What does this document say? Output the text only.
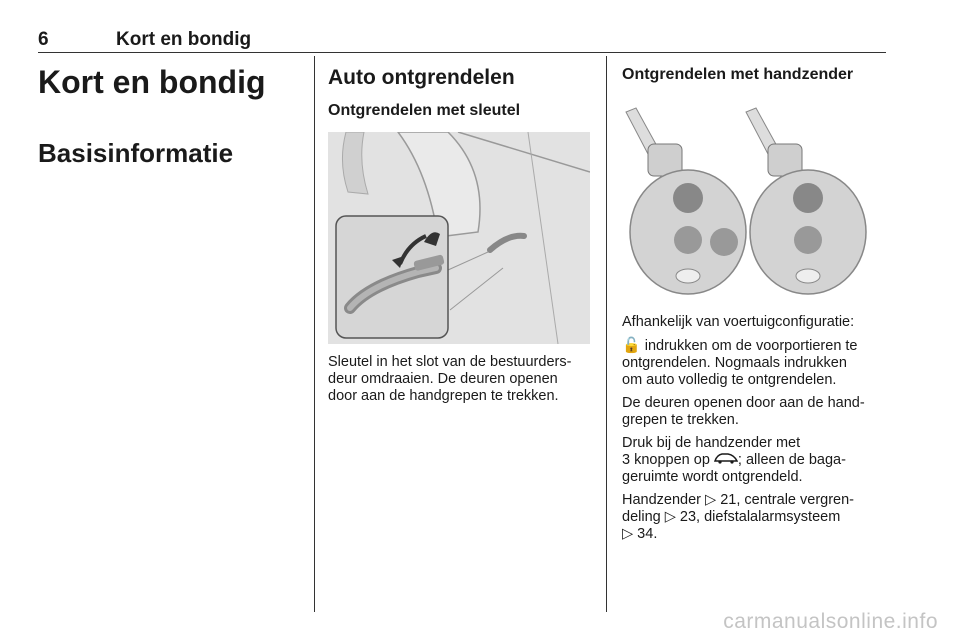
6	Kort en bondig
Kort en bondig
Basisinformatie
Auto ontgrendelen
Ontgrendelen met sleutel

Sleutel in het slot van de bestuurders-
deur omdraaien. De deuren openen
door aan de handgrepen te trekken.

Ontgrendelen met handzender

Afhankelijk van voertuigconfiguratie:

🔓 indrukken om de voorportieren te
ontgrendelen. Nogmaals indrukken
om auto volledig te ontgrendelen.

De deuren openen door aan de hand-
grepen te trekken.

Druk bij de handzender met
3 knoppen op ; alleen de baga-
geruimte wordt ontgrendeld.

Handzender ▷ 21, centrale vergren-
deling ▷ 23, diefstalalarmsysteem
▷ 34.

carmanualsonline.info
